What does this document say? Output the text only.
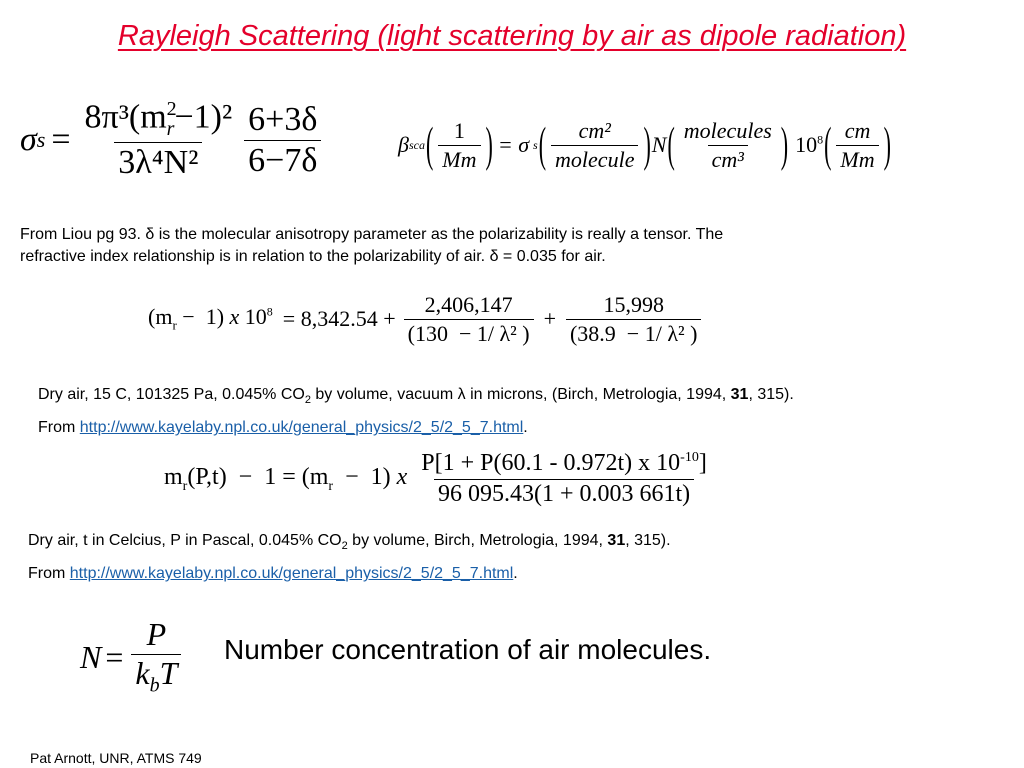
Rayleigh Scattering (light scattering by air as dipole radiation)
σ $s = \frac{8\pi^3(m^2_r-1)^2}{\text{3λ⁴N²}} \frac{6+3\delta}{6-7\delta}$	β sca ( $\frac{1}{Mm}$ ) = σ s ( $\frac{\text{cm²}}{\text{molecule}}$ ) N ( $\frac{\text{molecules}}{\text{cm³}}$ ) $10^8$ ( $\frac{cm}{Mm}$ )
From Liou pg 93. δ is the molecular anisotropy parameter as the polarizability is really a tensor. The
refractive index relationship is in relation to the polarizability of air. δ = 0.035 for air.
$(m_r - 1)$ x $10^8 = 8,342.54 + \frac{2,406,147}{\text{(130  − 1/ λ² )}} + \frac{15,998}{\text{(38.9  − 1/ λ² )}}$
Dry air, 15 C, 101325 Pa, 0.045% $CO_2$ by volume, vacuum λ in microns, (Birch, Metrologia, 1994, 31, 315).
From http://www.kayelaby.npl.co.uk/general_physics/2_5/2_5_7.html.
$m_r(P,t) - 1 = (m_r - 1)$ x $\frac{P[1 + P(60.1 - 0.972t) x 10^{-10}]}{96 095.43(1 + 0.003 661t)}$
Dry air, t in Celcius, P in Pascal, 0.045% $CO_2$ by volume, Birch, Metrologia, 1994, 31, 315).
From http://www.kayelaby.npl.co.uk/general_physics/2_5/2_5_7.html.
$N = \frac{P}{k_bT}$ Number concentration of air molecules.
Pat Arnott, UNR, ATMS 749
